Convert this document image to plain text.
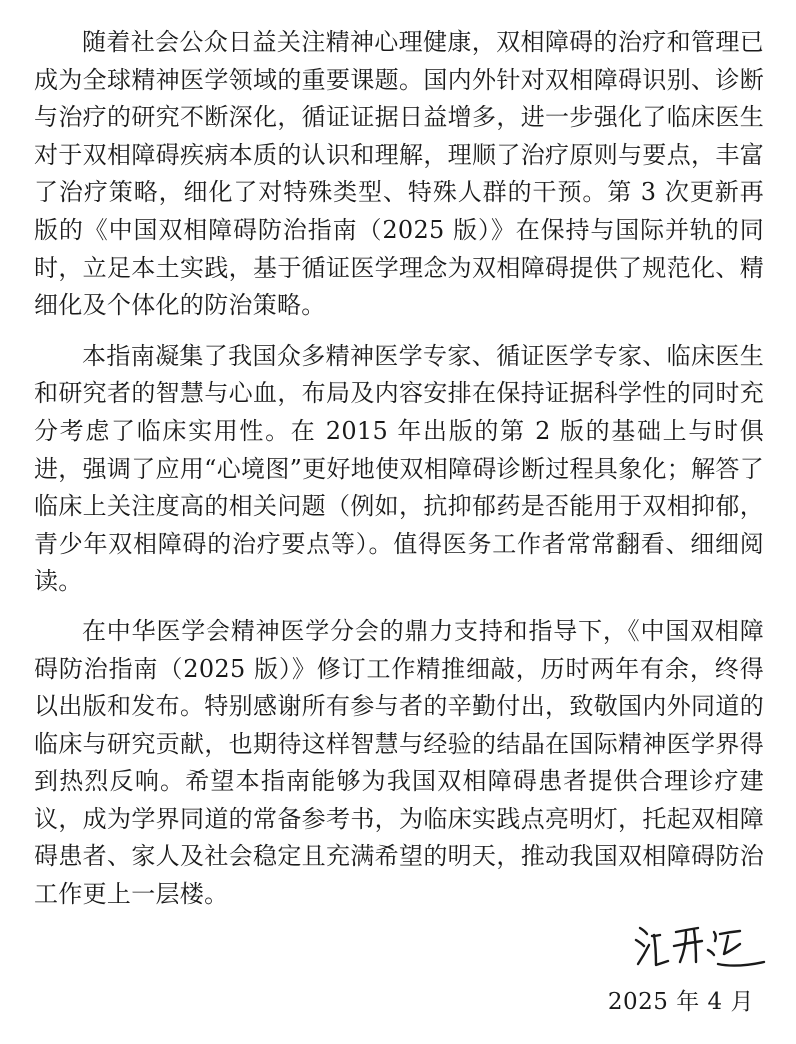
随着社会公众日益关注精神心理健康，双相障碍的治疗和管理已成为全球精神医学领域的重要课题。国内外针对双相障碍识别、诊断与治疗的研究不断深化，循证证据日益增多，进一步强化了临床医生对于双相障碍疾病本质的认识和理解，理顺了治疗原则与要点，丰富了治疗策略，细化了对特殊类型、特殊人群的干预。第 3 次更新再版的《中国双相障碍防治指南（2025 版）》在保持与国际并轨的同时，立足本土实践，基于循证医学理念为双相障碍提供了规范化、精细化及个体化的防治策略。

本指南凝集了我国众多精神医学专家、循证医学专家、临床医生和研究者的智慧与心血，布局及内容安排在保持证据科学性的同时充分考虑了临床实用性。在 2015 年出版的第 2 版的基础上与时俱进，强调了应用“心境图”更好地使双相障碍诊断过程具象化；解答了临床上关注度高的相关问题（例如，抗抑郁药是否能用于双相抑郁，青少年双相障碍的治疗要点等）。值得医务工作者常常翻看、细细阅读。

在中华医学会精神医学分会的鼎力支持和指导下，《中国双相障碍防治指南（2025 版）》修订工作精推细敲，历时两年有余，终得以出版和发布。特别感谢所有参与者的辛勤付出，致敬国内外同道的临床与研究贡献，也期待这样智慧与经验的结晶在国际精神医学界得到热烈反响。希望本指南能够为我国双相障碍患者提供合理诊疗建议，成为学界同道的常备参考书，为临床实践点亮明灯，托起双相障碍患者、家人及社会稳定且充满希望的明天，推动我国双相障碍防治工作更上一层楼。

2025 年 4 月
